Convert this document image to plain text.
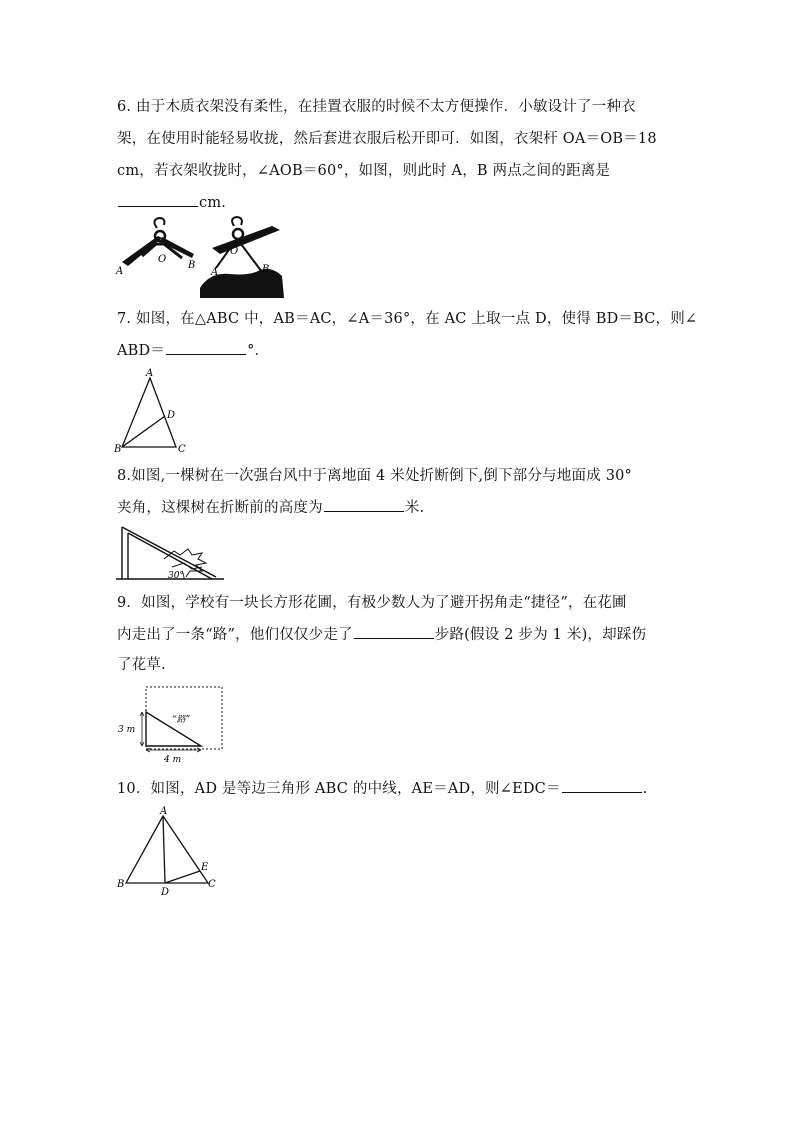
6. 由于木质衣架没有柔性，在挂置衣服的时候不太方便操作．小敏设计了一种衣
架，在使用时能轻易收拢，然后套进衣服后松开即可．如图，衣架杆 OA＝OB＝18
cm，若衣架收拢时，∠AOB＝60°，如图，则此时 A，B 两点之间的距离是
cm.
A
O
B
A
O
B
7. 如图，在△ABC 中，AB＝AC，∠A＝36°，在 AC 上取一点 D，使得 BD＝BC，则∠
ABD＝	°．
A
B	C
D
8.如图,一棵树在一次强台风中于离地面 4 米处折断倒下,倒下部分与地面成 30°
夹角，这棵树在折断前的高度为	米.
30°
9．如图，学校有一块长方形花圃，有极少数人为了避开拐角走“捷径”，在花圃
内走出了一条“路”，他们仅仅少走了	步路(假设 2 步为 1 米)，却踩伤
了花草.
3 m
4 m
“路”
10．如图，AD 是等边三角形 ABC 的中线，AE＝AD，则∠EDC＝	.
A
B	C
D
E
